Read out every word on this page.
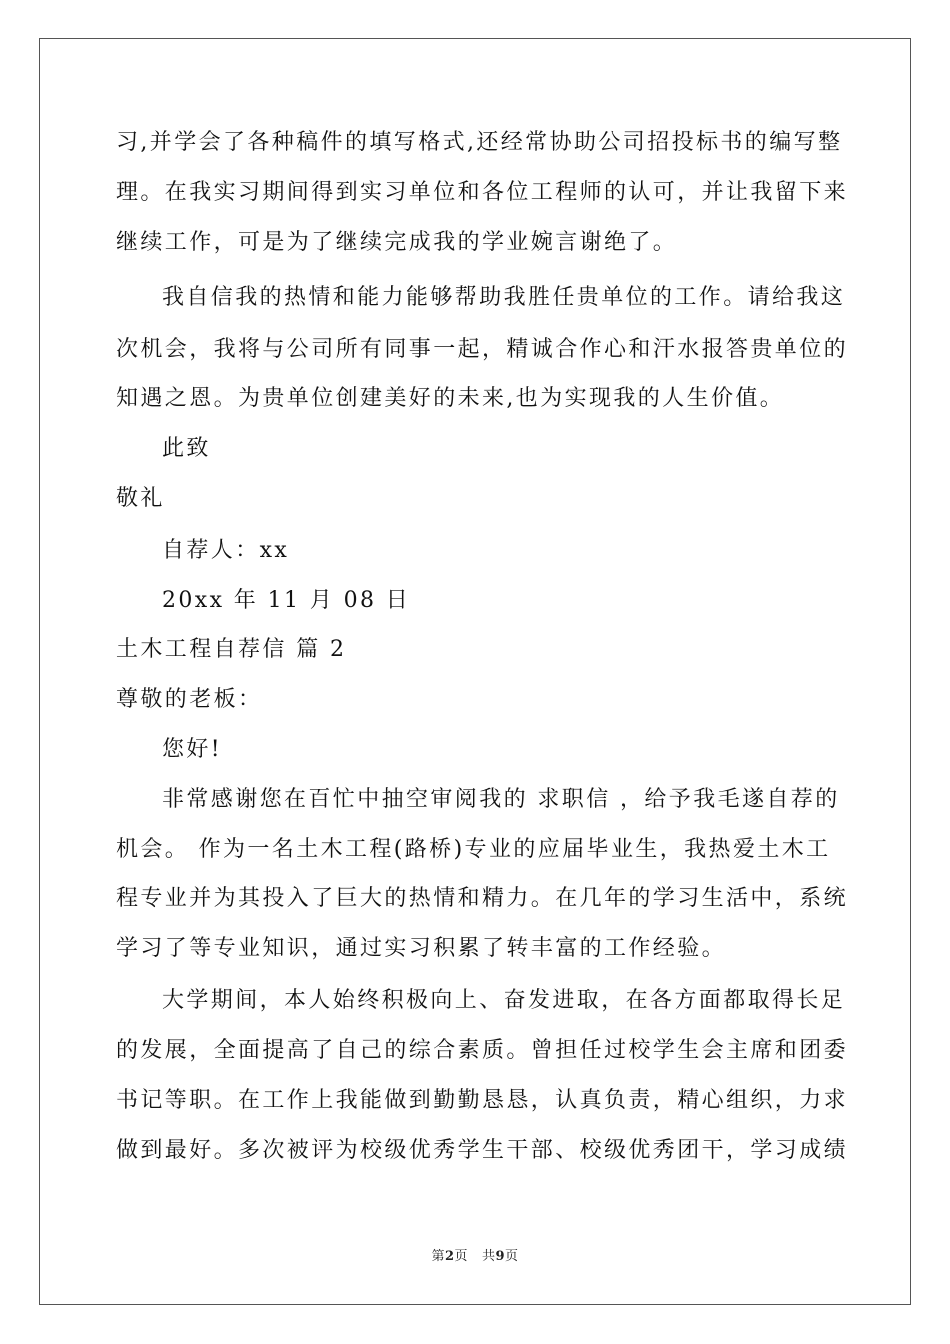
习,并学会了各种稿件的填写格式,还经常协助公司招投标书的编写整
理。在我实习期间得到实习单位和各位工程师的认可，并让我留下来
继续工作，可是为了继续完成我的学业婉言谢绝了。
我自信我的热情和能力能够帮助我胜任贵单位的工作。请给我这
次机会，我将与公司所有同事一起，精诚合作心和汗水报答贵单位的
知遇之恩。为贵单位创建美好的未来,也为实现我的人生价值。
此致
敬礼
自荐人：xx
20xx 年 11 月 08 日
土木工程自荐信 篇 2
尊敬的老板：
您好!
非常感谢您在百忙中抽空审阅我的 求职信 ，给予我毛遂自荐的
机会。 作为一名土木工程(路桥)专业的应届毕业生，我热爱土木工
程专业并为其投入了巨大的热情和精力。在几年的学习生活中，系统
学习了等专业知识，通过实习积累了转丰富的工作经验。
大学期间，本人始终积极向上、奋发进取，在各方面都取得长足
的发展，全面提高了自己的综合素质。曾担任过校学生会主席和团委
书记等职。在工作上我能做到勤勤恳恳，认真负责，精心组织，力求
做到最好。多次被评为校级优秀学生干部、校级优秀团干，学习成绩
第2页 共9页
